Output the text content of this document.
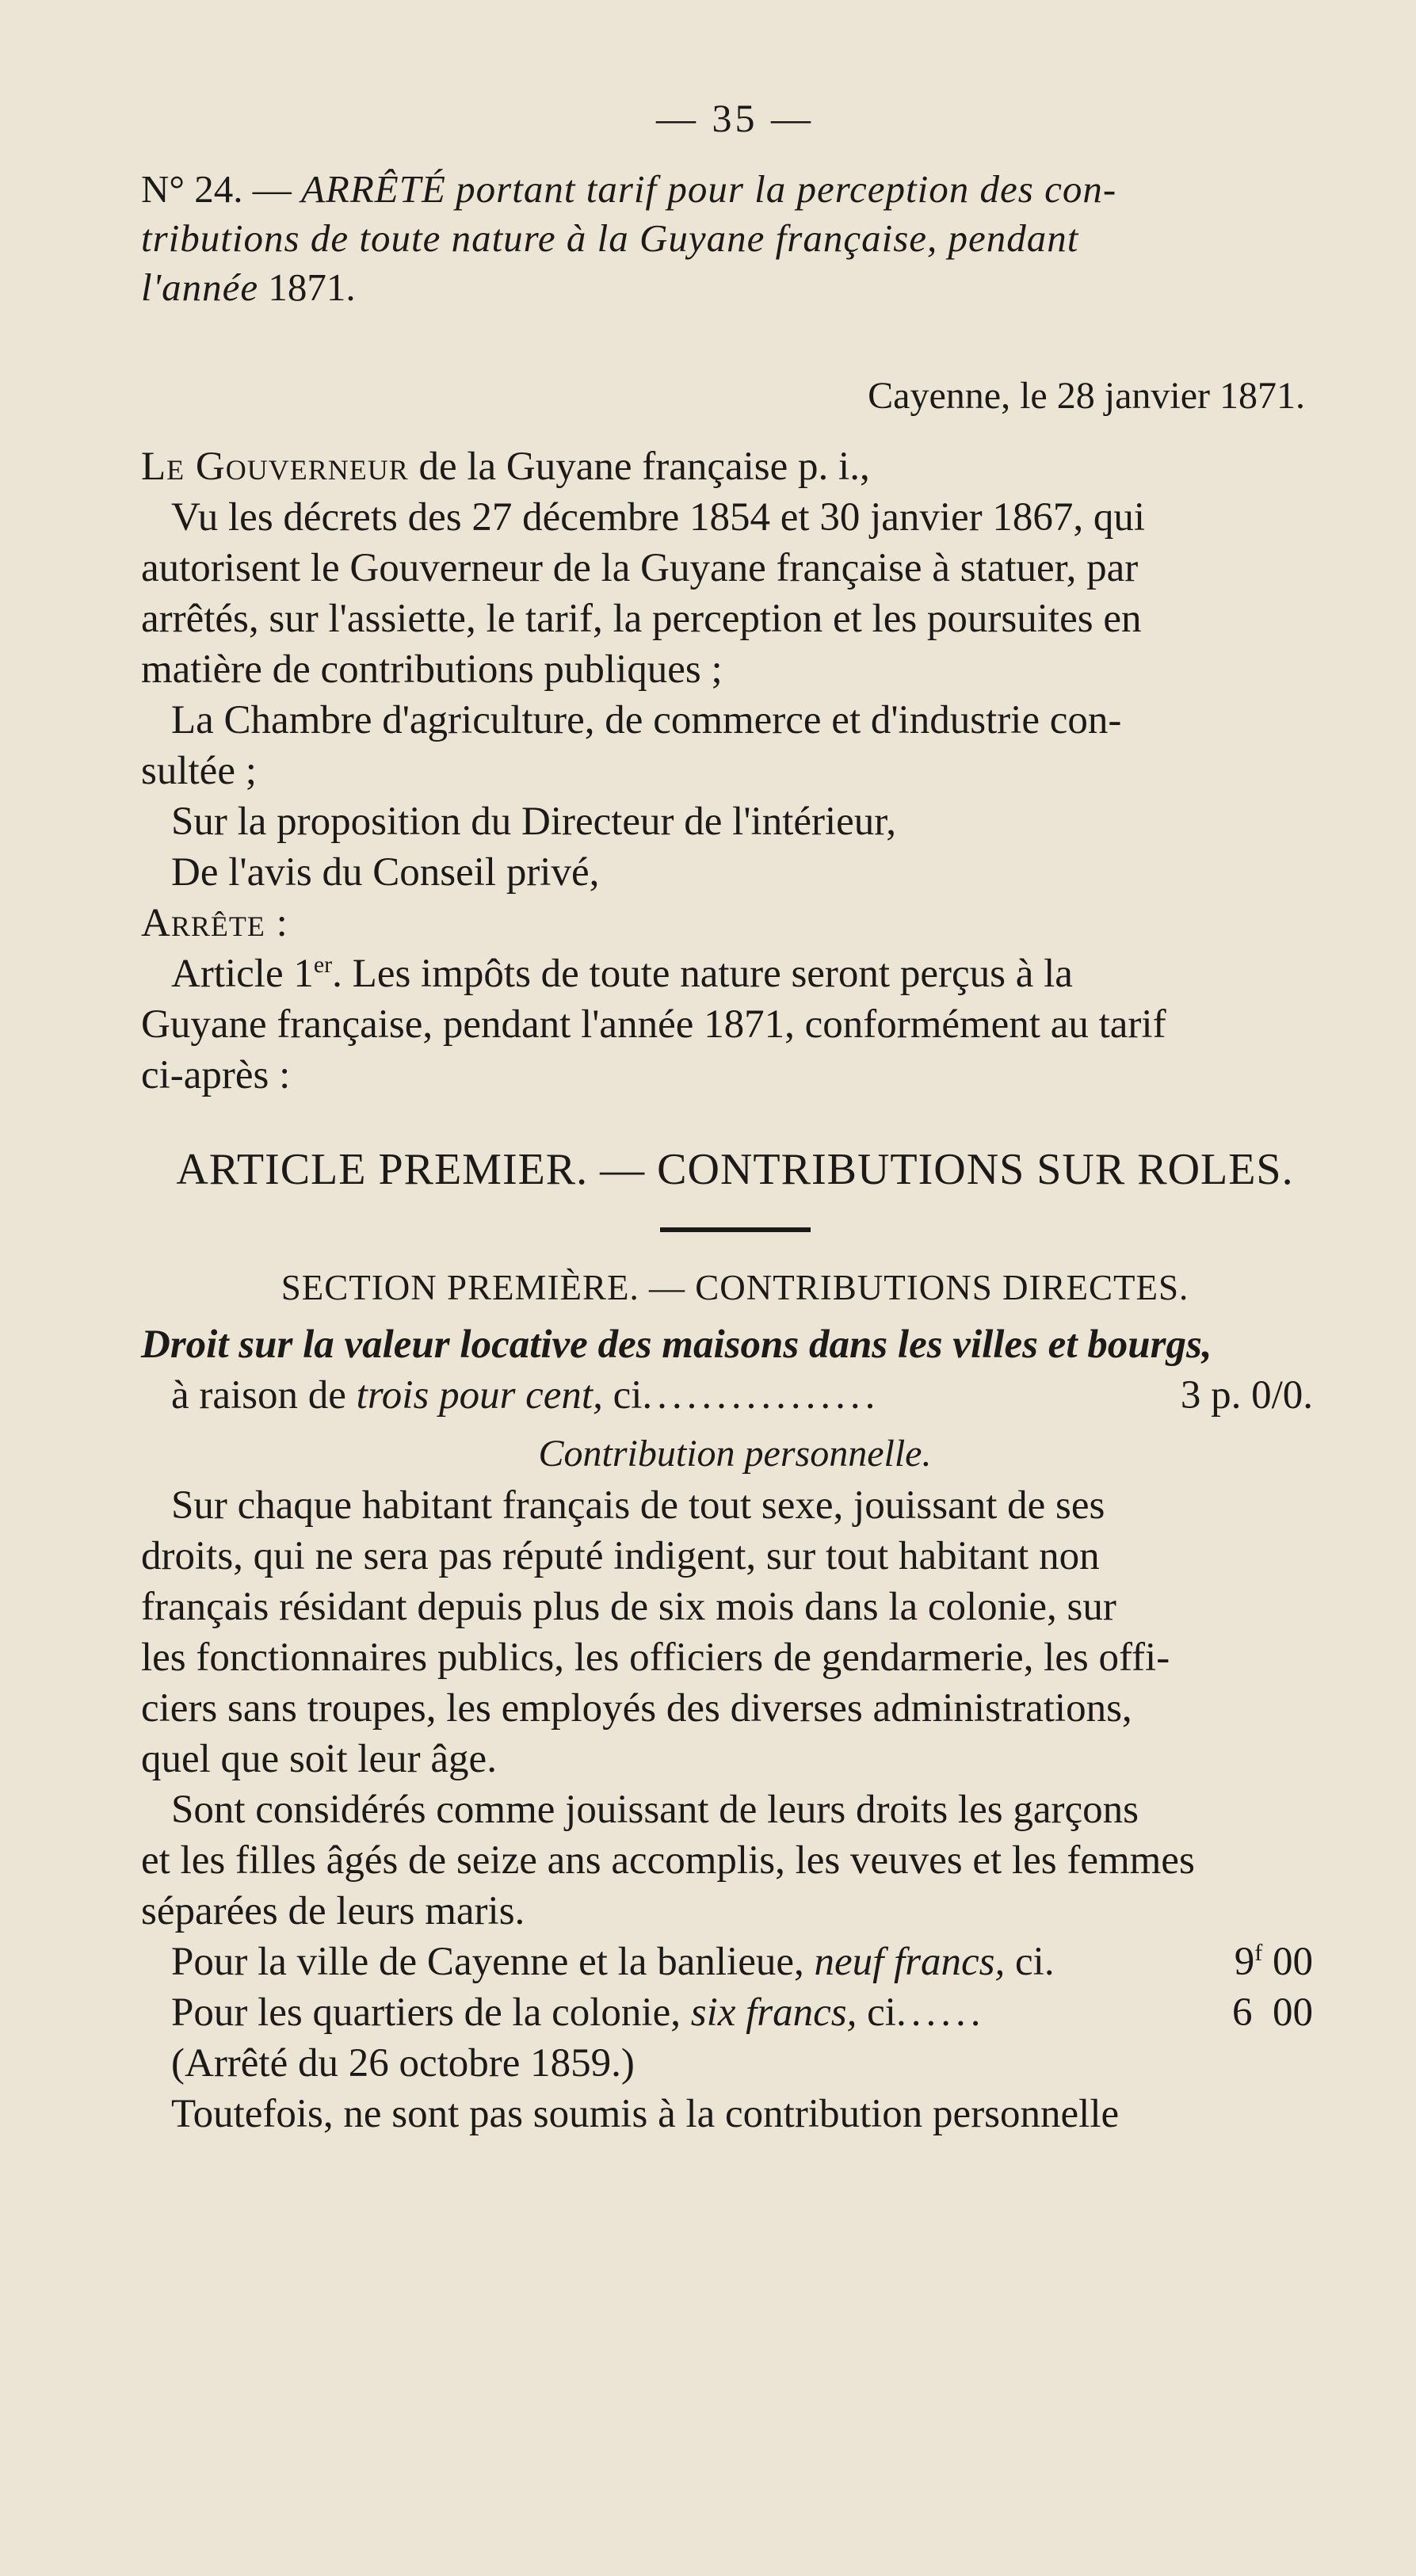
— 35 —

N° 24. — ARRÊTÉ portant tarif pour la perception des con-
tributions de toute nature à la Guyane française, pendant
l'année 1871.

Cayenne, le 28 janvier 1871.

Le Gouverneur de la Guyane française p. i.,
Vu les décrets des 27 décembre 1854 et 30 janvier 1867, qui
autorisent le Gouverneur de la Guyane française à statuer, par
arrêtés, sur l'assiette, le tarif, la perception et les poursuites en
matière de contributions publiques ;
La Chambre d'agriculture, de commerce et d'industrie con-
sultée ;
Sur la proposition du Directeur de l'intérieur,
De l'avis du Conseil privé,
Arrête :
Article 1er. Les impôts de toute nature seront perçus à la
Guyane française, pendant l'année 1871, conformément au tarif
ci-après :

ARTICLE PREMIER. — CONTRIBUTIONS SUR ROLES.

SECTION PREMIÈRE. — CONTRIBUTIONS DIRECTES.

Droit sur la valeur locative des maisons dans les villes et bourgs,
à raison de trois pour cent, ci................	3 p. 0/0.

Contribution personnelle.

Sur chaque habitant français de tout sexe, jouissant de ses
droits, qui ne sera pas réputé indigent, sur tout habitant non
français résidant depuis plus de six mois dans la colonie, sur
les fonctionnaires publics, les officiers de gendarmerie, les offi-
ciers sans troupes, les employés des diverses administrations,
quel que soit leur âge.
Sont considérés comme jouissant de leurs droits les garçons
et les filles âgés de seize ans accomplis, les veuves et les femmes
séparées de leurs maris.
Pour la ville de Cayenne et la banlieue, neuf francs, ci.	9$^f$ 00
Pour les quartiers de la colonie, six francs, ci......	6  00
(Arrêté du 26 octobre 1859.)
Toutefois, ne sont pas soumis à la contribution personnelle
